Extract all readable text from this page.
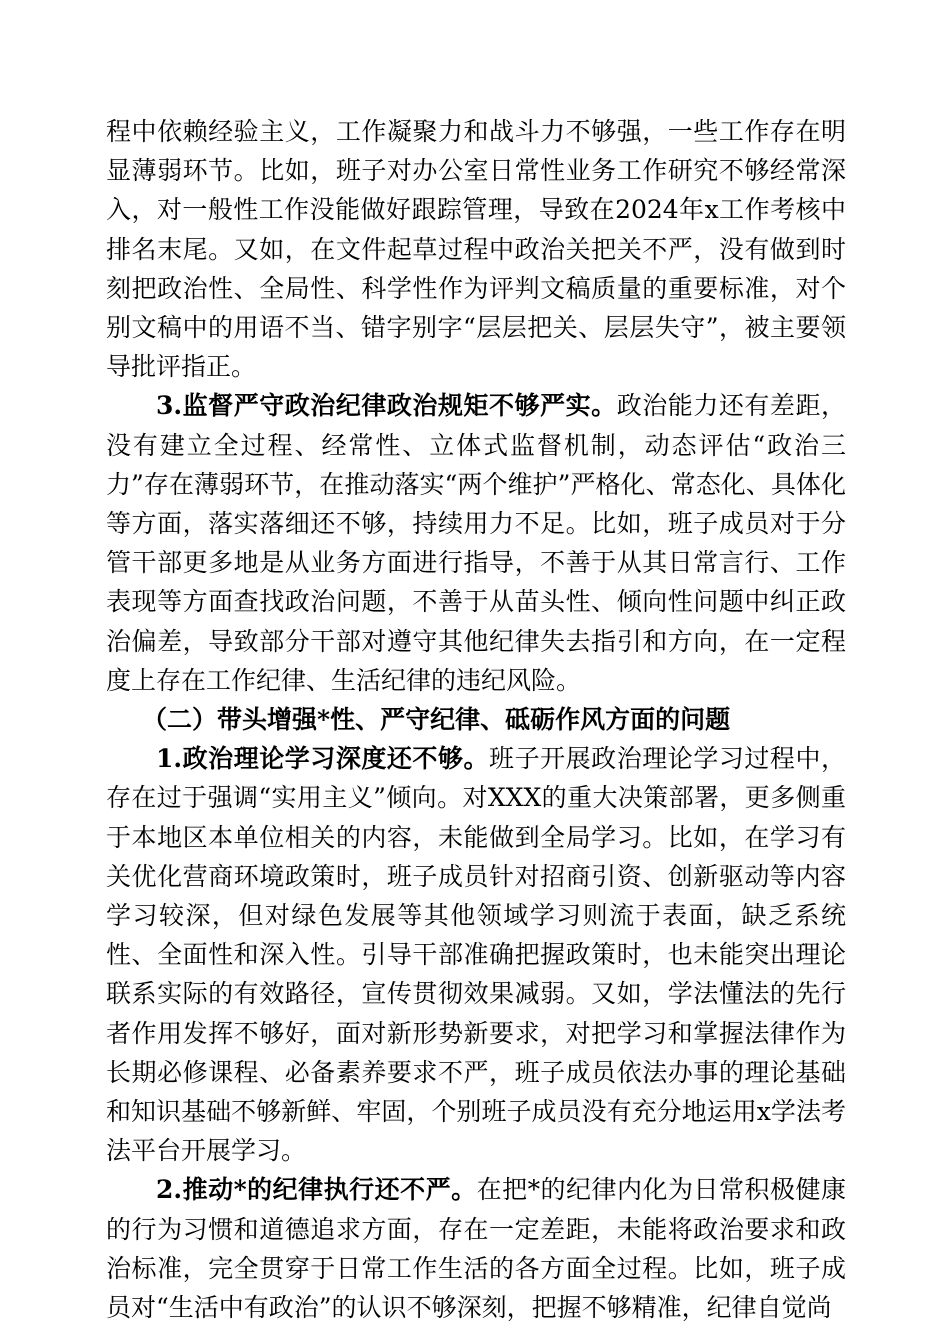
程中依赖经验主义，工作凝聚力和战斗力不够强，一些工作存在明显薄弱环节。比如，班子对办公室日常性业务工作研究不够经常深入，对一般性工作没能做好跟踪管理，导致在2024年x工作考核中排名末尾。又如，在文件起草过程中政治关把关不严，没有做到时刻把政治性、全局性、科学性作为评判文稿质量的重要标准，对个别文稿中的用语不当、错字别字“层层把关、层层失守”，被主要领导批评指正。

3.监督严守政治纪律政治规矩不够严实。政治能力还有差距，没有建立全过程、经常性、立体式监督机制，动态评估“政治三力”存在薄弱环节，在推动落实“两个维护”严格化、常态化、具体化等方面，落实落细还不够，持续用力不足。比如，班子成员对于分管干部更多地是从业务方面进行指导，不善于从其日常言行、工作表现等方面查找政治问题，不善于从苗头性、倾向性问题中纠正政治偏差，导致部分干部对遵守其他纪律失去指引和方向，在一定程度上存在工作纪律、生活纪律的违纪风险。

（二）带头增强*性、严守纪律、砥砺作风方面的问题

1.政治理论学习深度还不够。班子开展政治理论学习过程中，存在过于强调“实用主义”倾向。对XXX的重大决策部署，更多侧重于本地区本单位相关的内容，未能做到全局学习。比如，在学习有关优化营商环境政策时，班子成员针对招商引资、创新驱动等内容学习较深，但对绿色发展等其他领域学习则流于表面，缺乏系统性、全面性和深入性。引导干部准确把握政策时，也未能突出理论联系实际的有效路径，宣传贯彻效果减弱。又如，学法懂法的先行者作用发挥不够好，面对新形势新要求，对把学习和掌握法律作为长期必修课程、必备素养要求不严，班子成员依法办事的理论基础和知识基础不够新鲜、牢固，个别班子成员没有充分地运用x学法考法平台开展学习。

2.推动*的纪律执行还不严。在把*的纪律内化为日常积极健康的行为习惯和道德追求方面，存在一定差距，未能将政治要求和政治标准，完全贯穿于日常工作生活的各方面全过程。比如，班子成员对“生活中有政治”的认识不够深刻，把握不够精准，纪律自觉尚
